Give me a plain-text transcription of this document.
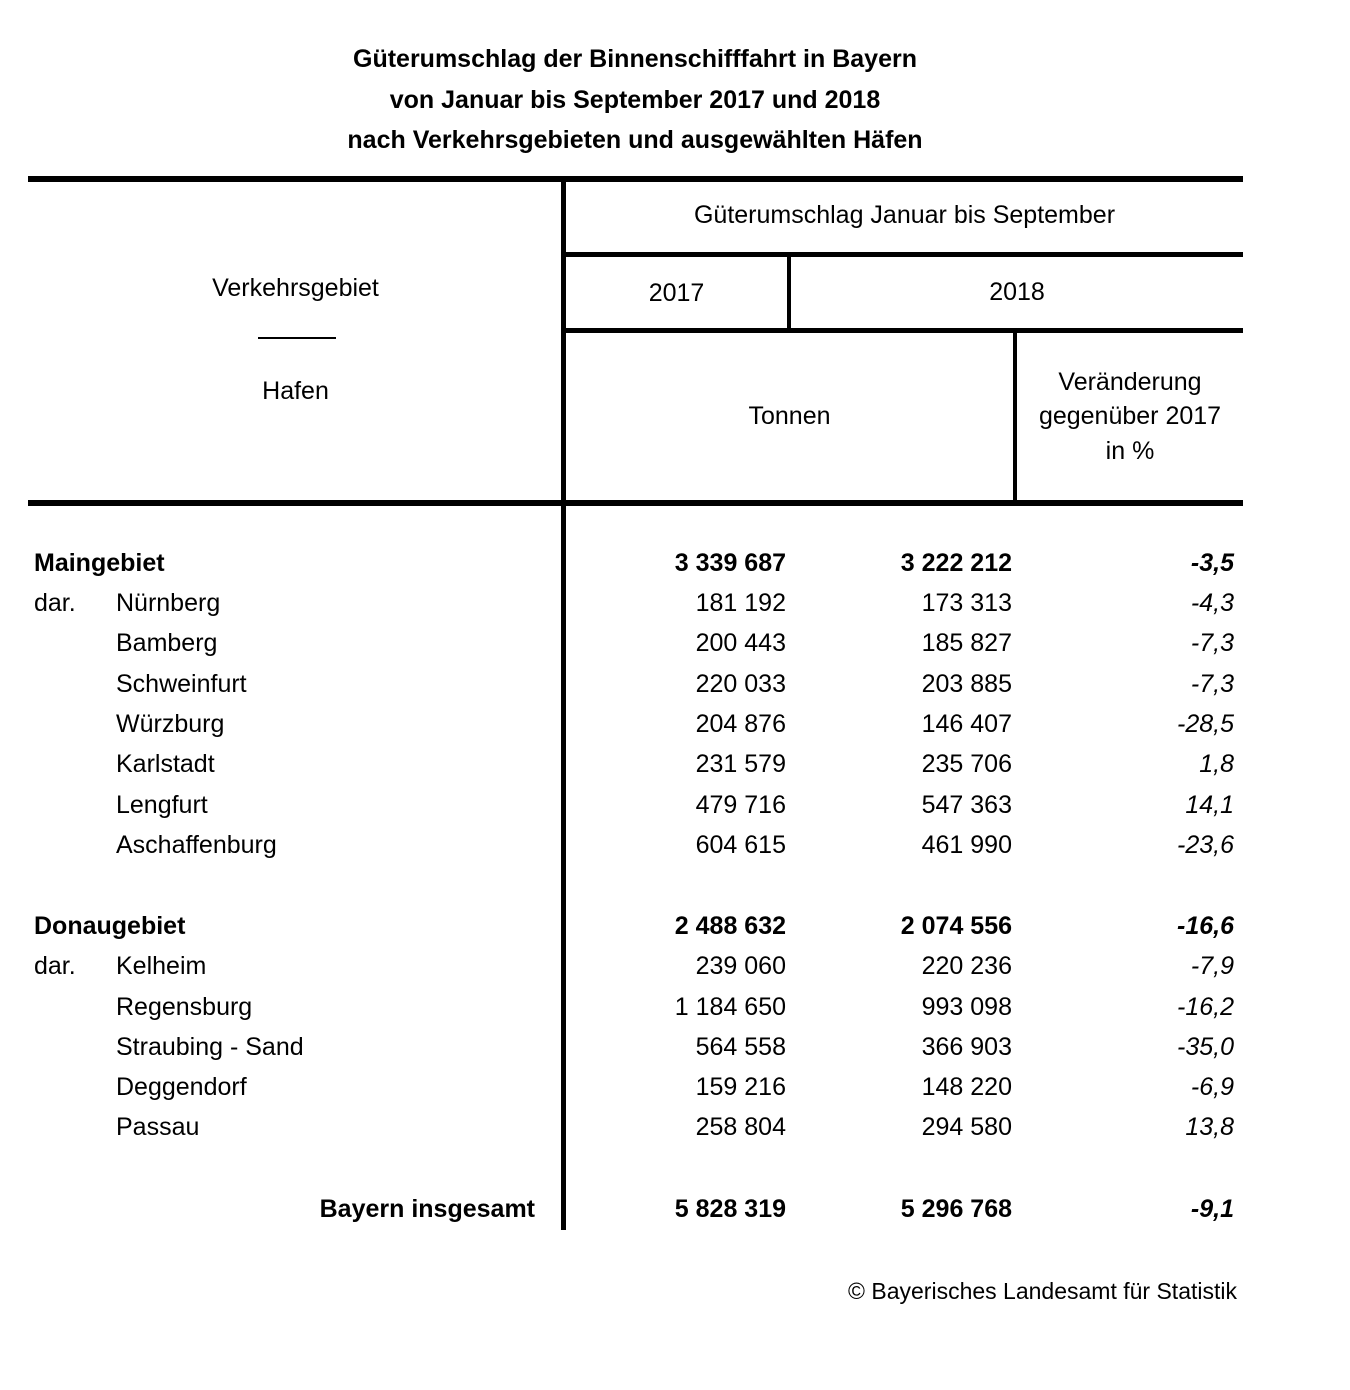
Güterumschlag der Binnenschifffahrt in Bayern
von Januar bis September 2017 und 2018
nach Verkehrsgebieten und ausgewählten Häfen
Verkehrsgebiet
Hafen
Güterumschlag Januar bis September
2017	2018
Tonnen
Veränderung
gegenüber 2017
in %
Maingebiet	3 339 687	3 222 212	-3,5
dar. Nürnberg	181 192	173 313	-4,3
Bamberg	200 443	185 827	-7,3
Schweinfurt	220 033	203 885	-7,3
Würzburg	204 876	146 407	-28,5
Karlstadt	231 579	235 706	1,8
Lengfurt	479 716	547 363	14,1
Aschaffenburg	604 615	461 990	-23,6
Donaugebiet	2 488 632	2 074 556	-16,6
dar. Kelheim	239 060	220 236	-7,9
Regensburg	1 184 650	993 098	-16,2
Straubing - Sand	564 558	366 903	-35,0
Deggendorf	159 216	148 220	-6,9
Passau	258 804	294 580	13,8
Bayern insgesamt	5 828 319	5 296 768	-9,1
© Bayerisches Landesamt für Statistik
